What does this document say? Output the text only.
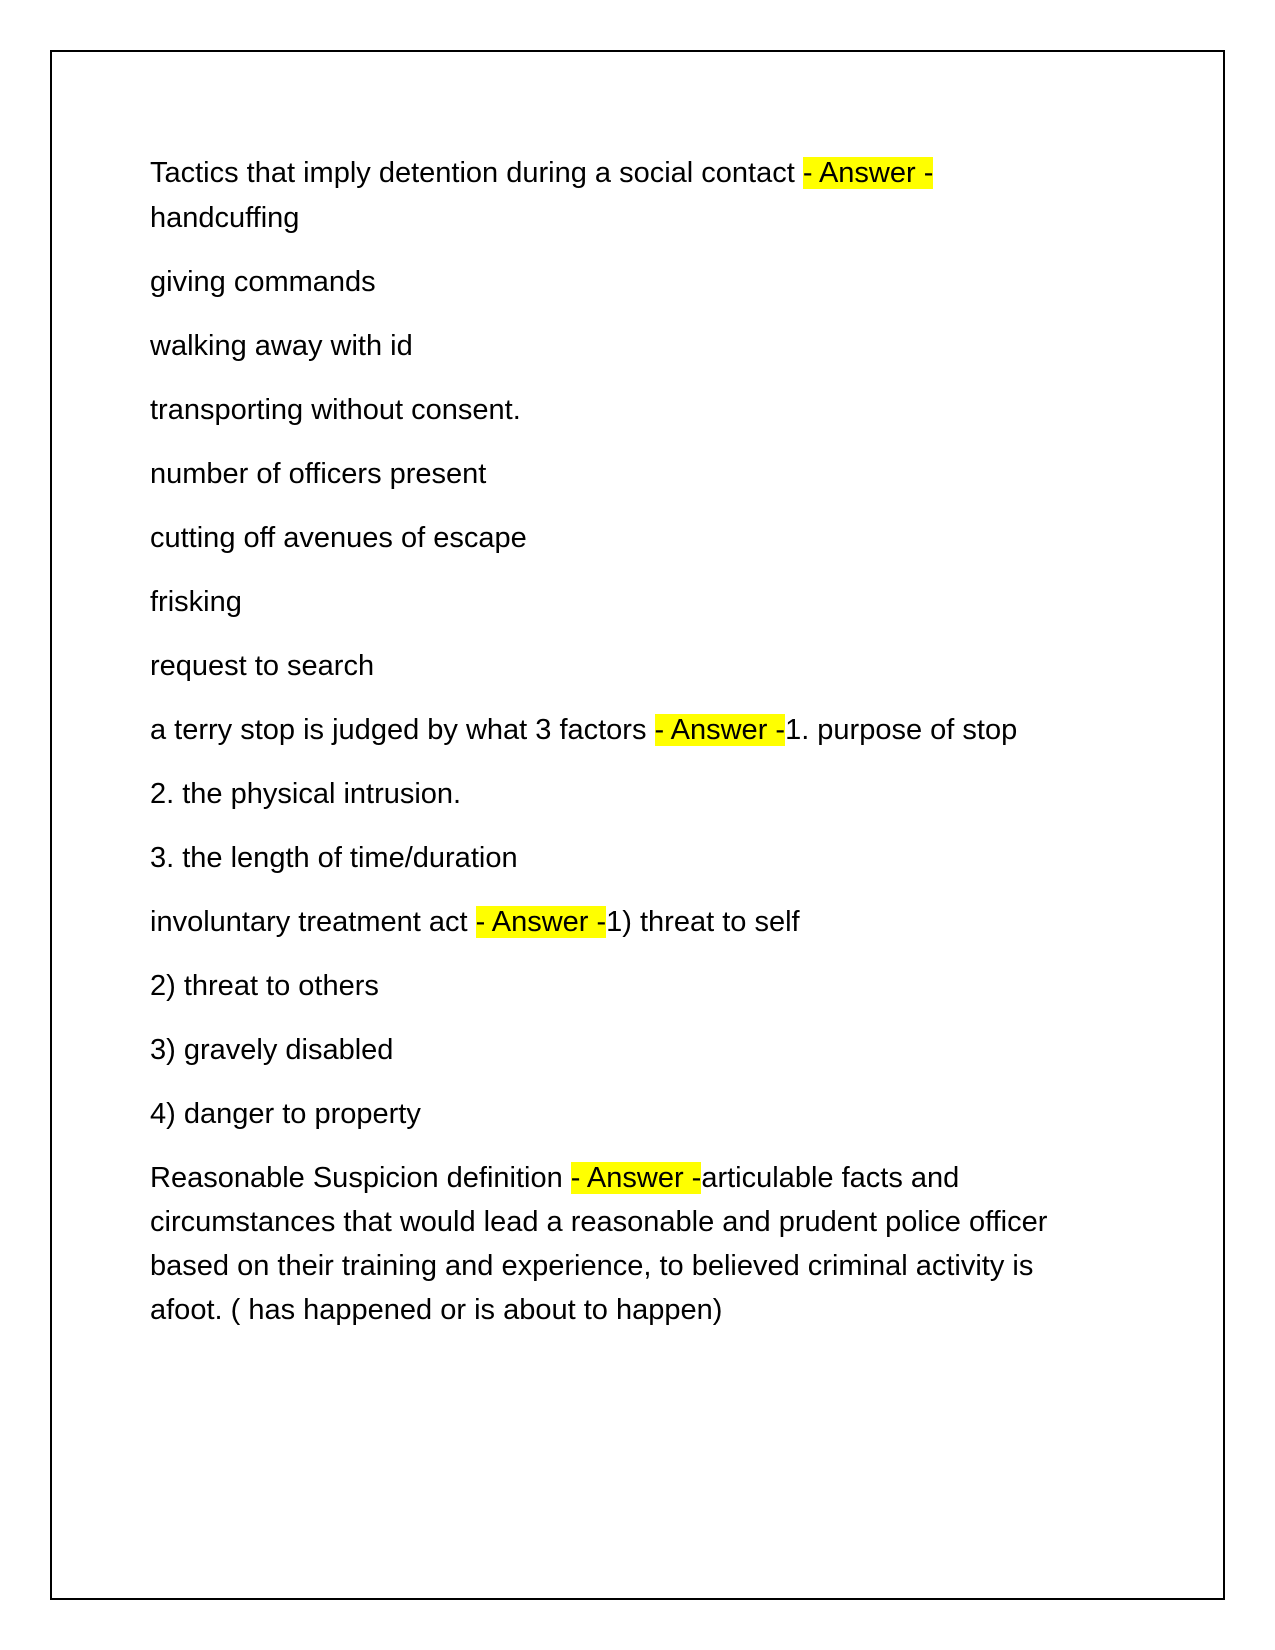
Tactics that imply detention during a social contact - Answer -
handcuffing
giving commands
walking away with id
transporting without consent.
number of officers present
cutting off avenues of escape
frisking
request to search
a terry stop is judged by what 3 factors - Answer -1. purpose of stop
2. the physical intrusion.
3. the length of time/duration
involuntary treatment act - Answer -1) threat to self
2) threat to others
3) gravely disabled
4) danger to property
Reasonable Suspicion definition - Answer -articulable facts and
circumstances that would lead a reasonable and prudent police officer
based on their training and experience, to believed criminal activity is
afoot. ( has happened or is about to happen)
